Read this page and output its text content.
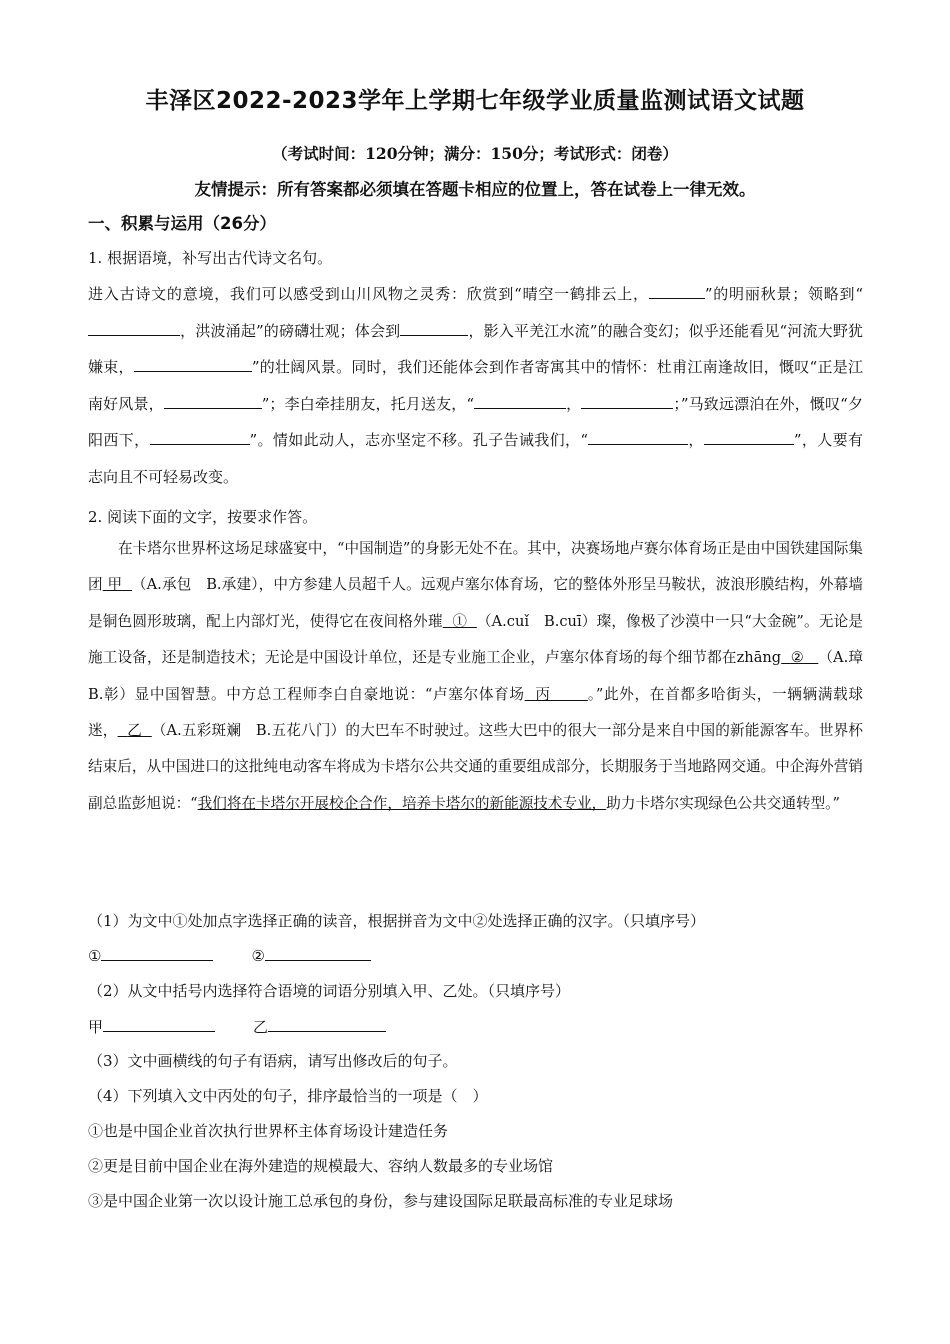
丰泽区2022-2023学年上学期七年级学业质量监测试语文试题
（考试时间：120分钟；满分：150分；考试形式：闭卷）
友情提示：所有答案都必须填在答题卡相应的位置上，答在试卷上一律无效。
一、积累与运用（26分）
1. 根据语境，补写出古代诗文名句。
进入古诗文的意境，我们可以感受到山川风物之灵秀：欣赏到“晴空一鹤排云上，	”的明丽秋景；领略到“，洪波涌起”的磅礴壮观；体会到	，影入平羌江水流”的融合变幻；似乎还能看见“河流大野犹嫌束，	”的壮阔风景。同时，我们还能体会到作者寄寓其中的情怀：杜甫江南逢故旧，慨叹“正是江南好风景，	”；李白牵挂朋友，托月送友，“	，	；”马致远漂泊在外，慨叹“夕阳西下，	”。情如此动人，志亦坚定不移。孔子告诫我们，“	，	”，人要有志向且不可轻易改变。
2. 阅读下面的文字，按要求作答。
在卡塔尔世界杯这场足球盛宴中，“中国制造”的身影无处不在。其中，决赛场地卢赛尔体育场正是由中国铁建国际集团 甲 （A.承包　B.承建），中方参建人员超千人。远观卢塞尔体育场，它的整体外形呈马鞍状，波浪形膜结构，外幕墙是铜色圆形玻璃，配上内部灯光，使得它在夜间格外璀 ① （A.cuǐ　B.cuī）璨，像极了沙漠中一只“大金碗”。无论是施工设备，还是制造技术；无论是中国设计单位，还是专业施工企业，卢塞尔体育场的每个细节都在zhāng ② （A.璋　B.彰）显中国智慧。中方总工程师李白自豪地说：“卢塞尔体育场 丙	。”此外，在首都多哈街头，一辆辆满载球迷， 乙 （A.五彩斑斓　B.五花八门）的大巴车不时驶过。这些大巴中的很大一部分是来自中国的新能源客车。世界杯结束后，从中国进口的这批纯电动客车将成为卡塔尔公共交通的重要组成部分，长期服务于当地路网交通。中企海外营销副总监彭旭说：“我们将在卡塔尔开展校企合作，培养卡塔尔的新能源技术专业，助力卡塔尔实现绿色公共交通转型。”
（1）为文中①处加点字选择正确的读音，根据拼音为文中②处选择正确的汉字。（只填序号）
①	②
（2）从文中括号内选择符合语境的词语分别填入甲、乙处。（只填序号）
甲	乙
（3）文中画横线的句子有语病，请写出修改后的句子。
（4）下列填入文中丙处的句子，排序最恰当的一项是（　）
①也是中国企业首次执行世界杯主体育场设计建造任务
②更是目前中国企业在海外建造的规模最大、容纳人数最多的专业场馆
③是中国企业第一次以设计施工总承包的身份，参与建设国际足联最高标准的专业足球场
